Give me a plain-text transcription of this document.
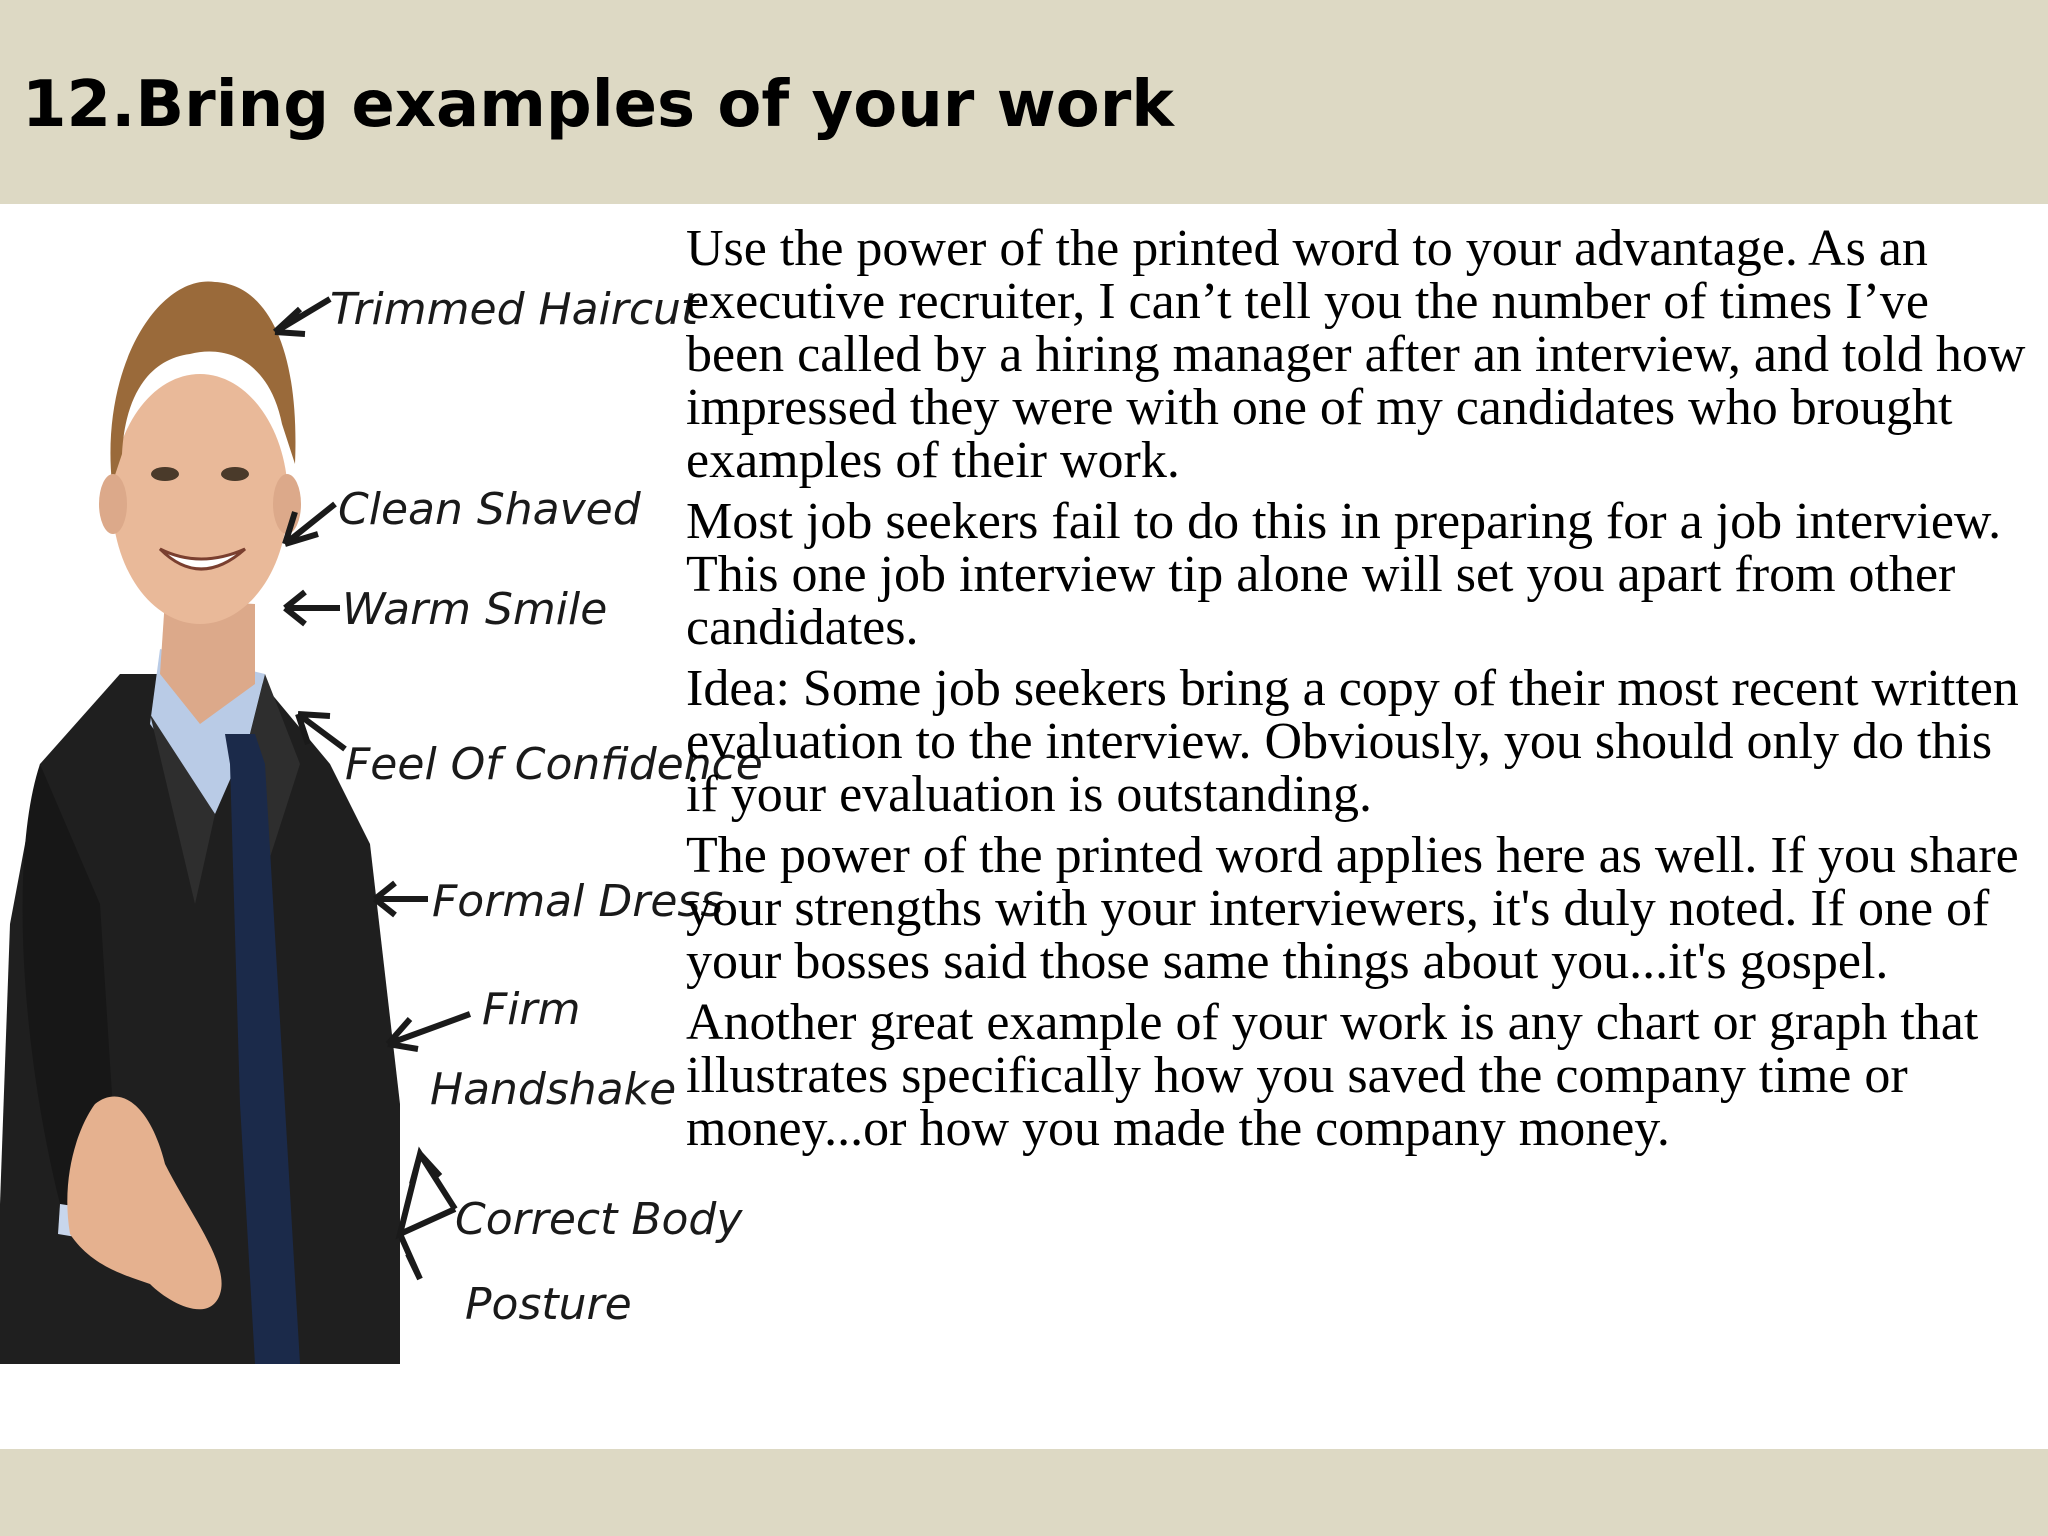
12.Bring examples of your work
Trimmed Haircut
Clean Shaved
Warm Smile
Feel Of Confidence
Formal Dress
Firm
Handshake
Correct Body
Posture

Use the power of the printed word to your advantage. As an executive recruiter, I can’t tell you the number of times I’ve been called by a hiring manager after an interview, and told how impressed they were with one of my candidates who brought examples of their work.

Most job seekers fail to do this in preparing for a job interview. This one job interview tip alone will set you apart from other candidates.

Idea: Some job seekers bring a copy of their most recent written evaluation to the interview. Obviously, you should only do this if your evaluation is outstanding.

The power of the printed word applies here as well. If you share your strengths with your interviewers, it's duly noted. If one of your bosses said those same things about you...it's gospel.

Another great example of your work is any chart or graph that illustrates specifically how you saved the company time or money...or how you made the company money.
